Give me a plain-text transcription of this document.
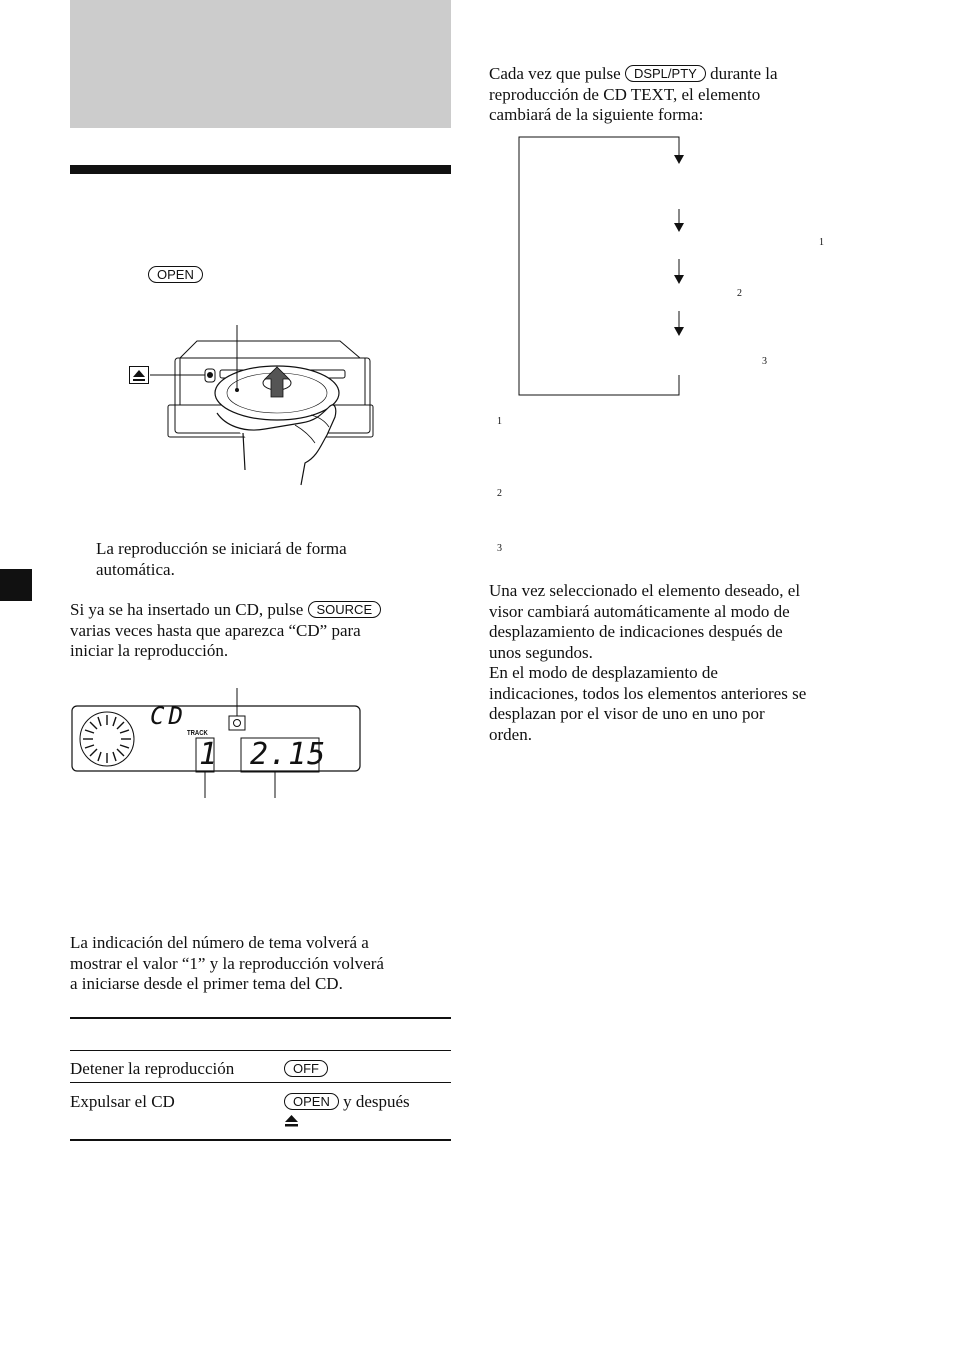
OPEN

La reproducción se iniciará de forma
automática.

Si ya se ha insertado un CD, pulse SOURCE
varias veces hasta que aparezca “CD” para
iniciar la reproducción.

CD
TRACK
1 2.15

La indicación del número de tema volverá a
mostrar el valor “1” y la reproducción volverá
a iniciarse desde el primer tema del CD.

Detener la reproducción	OFF
Expulsar el CD	OPEN y después

Cada vez que pulse DSPL/PTY durante la
reproducción de CD TEXT, el elemento
cambiará de la siguiente forma:

1
2
3
1
2
3

Una vez seleccionado el elemento deseado, el
visor cambiará automáticamente al modo de
desplazamiento de indicaciones después de
unos segundos.
En el modo de desplazamiento de
indicaciones, todos los elementos anteriores se
desplazan por el visor de uno en uno por
orden.
